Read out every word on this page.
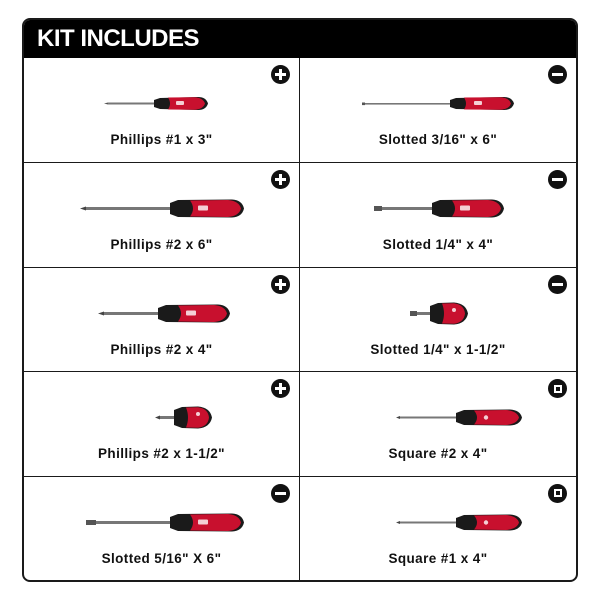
KIT INCLUDES
Phillips #1 x 3"	Slotted 3/16" x 6"
Phillips #2 x 6"	Slotted 1/4" x 4"
Phillips #2 x 4"	Slotted 1/4" x 1-1/2"
Phillips #2 x 1-1/2"	Square #2 x 4"
Slotted 5/16" X 6"	Square #1 x 4"
